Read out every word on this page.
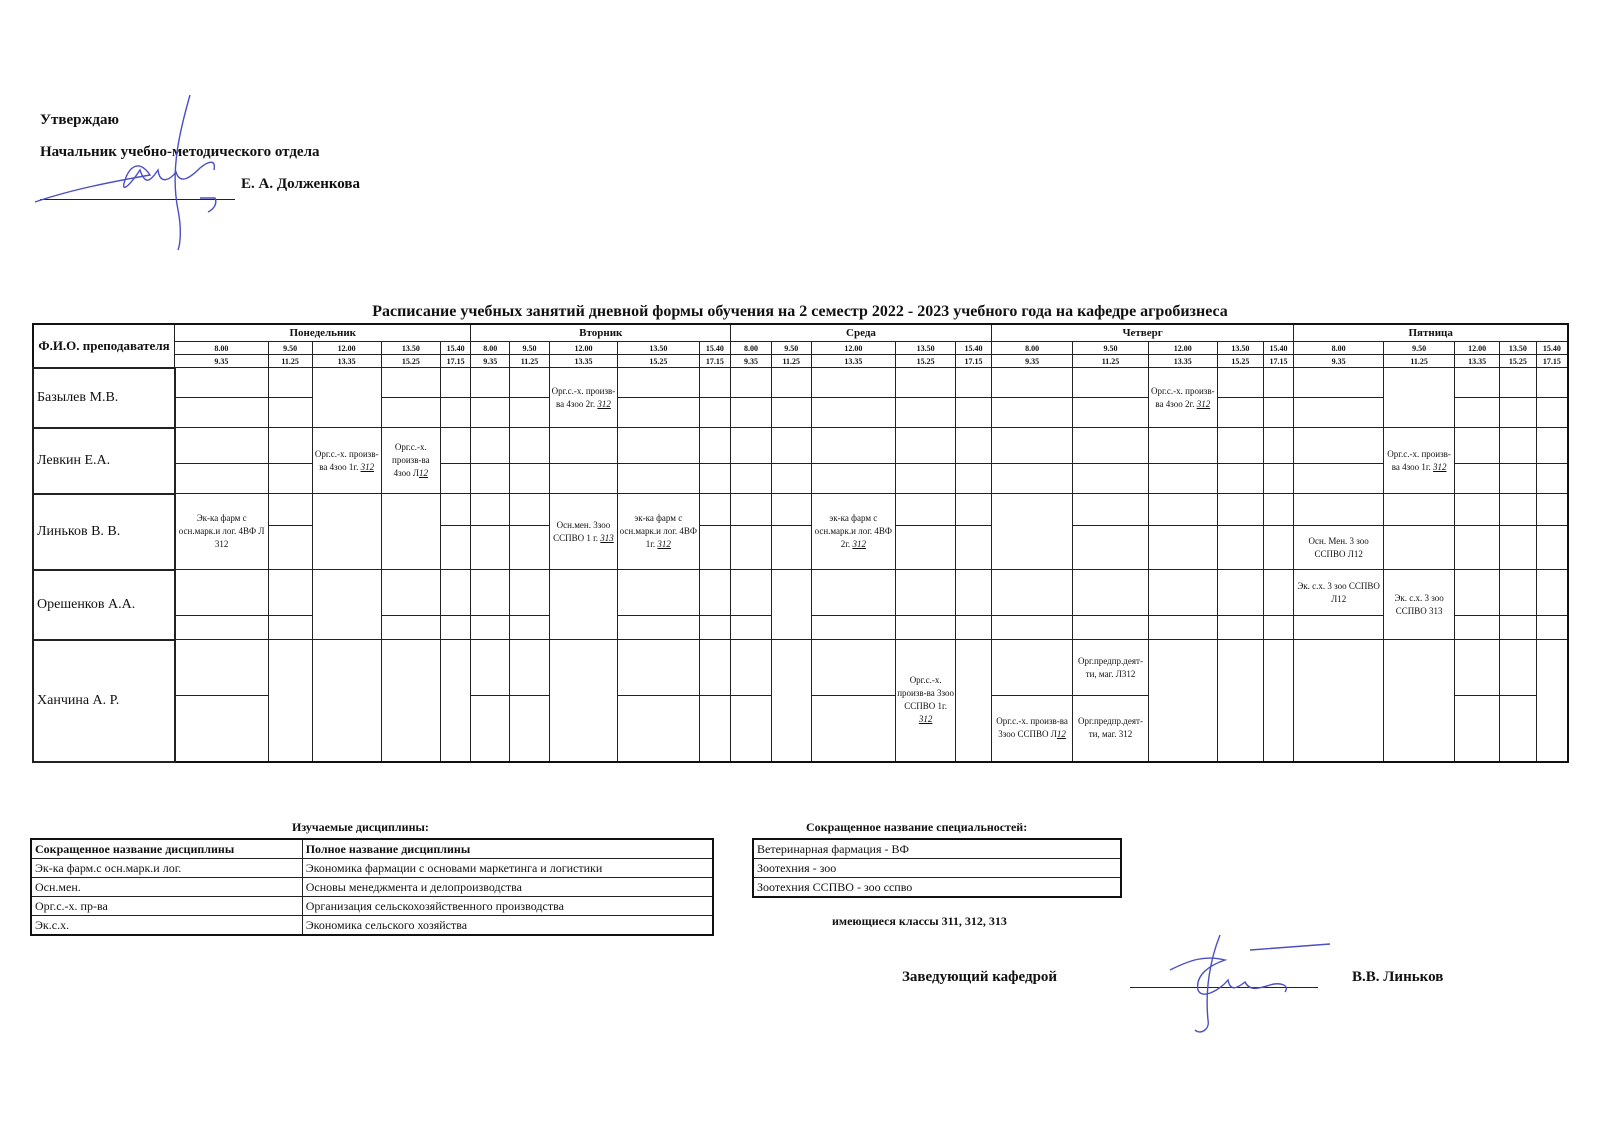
Утверждаю
Начальник учебно-методического отдела
Е. А. Долженкова
Расписание учебных занятий дневной формы обучения на 2 семестр 2022 - 2023 учебного года на кафедре агробизнеса
Ф.И.О. преподавателя	Понедельник					Вторник					Среда					Четверг					Пятница				
	8.00	9.50	12.00	13.50	15.40	8.00	9.50	12.00	13.50	15.40	8.00	9.50	12.00	13.50	15.40	8.00	9.50	12.00	13.50	15.40	8.00	9.50	12.00	13.50	15.40
	9.35	11.25	13.35	15.25	17.15	9.35	11.25	13.35	15.25	17.15	9.35	11.25	13.35	15.25	17.15	9.35	11.25	13.35	15.25	17.15	9.35	11.25	13.35	15.25	17.15
Базылев М.В.								Орг.с.-х. произв-ва 4зоо 2г. 312										Орг.с.-х. произв-ва 4зоо 2г. 312							

Левкин Е.А.			Орг.с.-х. произв-ва 4зоо 1г. 312	Орг.с.-х. произв-ва 4зоо Л12																		Орг.с.-х. произв-ва 4зоо 1г. 312			

Линьков В. В.	Эк-ка фарм с осн.марк.и лог. 4ВФ Л 312							Осн.мен. 3зоо ССПВО 1 г. 313	эк-ка фарм с осн.марк.и лог. 4ВФ 1г. 312				эк-ка фарм с осн.марк.и лог. 4ВФ 2г. 312												
																					Осн. Мен. 3 зоо ССПВО Л12				
Орешенков А.А.																					Эк. с.х. 3 зоо ССПВО Л12	Эк. с.х. 3 зоо ССПВО 313			

Ханчина А. Р.														Орг.с.-х. произв-ва 3зоо ССПВО 1г. 312			Орг.предпр.деят-ти, маг. Л312								
																Орг.с.-х. произв-ва 3зоо ССПВО Л12	Орг.предпр.деят-ти, маг. 312								
Изучаемые дисциплины:
Сокращенное название дисциплины	Полное название дисциплины
Эк-ка фарм.с осн.марк.и лог.	Экономика фармации с основами маркетинга и логистики
Осн.мен.	Основы менеджмента и делопроизводства
Орг.с.-х. пр-ва	Организация сельскохозяйственного производства
Эк.с.х.	Экономика сельского хозяйства
Сокращенное название специальностей:
Ветеринарная фармация - ВФ
Зоотехния - зоо
Зоотехния ССПВО - зоо сспво
имеющиеся классы 311, 312, 313
Заведующий кафедрой	В.В. Линьков
